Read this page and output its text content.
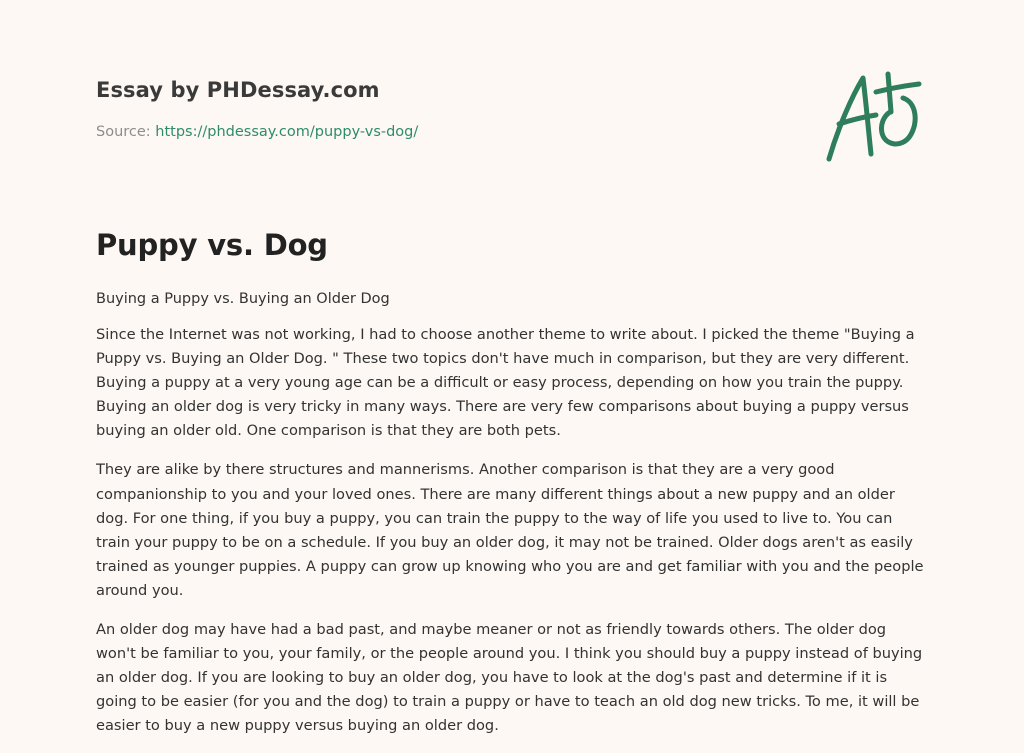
Essay by PHDessay.com
Source: https://phdessay.com/puppy-vs-dog/
Puppy vs. Dog

Buying a Puppy vs. Buying an Older Dog

Since the Internet was not working, I had to choose another theme to write about. I picked the theme "Buying a Puppy vs. Buying an Older Dog. " These two topics don't have much in comparison, but they are very different. Buying a puppy at a very young age can be a difficult or easy process, depending on how you train the puppy. Buying an older dog is very tricky in many ways. There are very few comparisons about buying a puppy versus buying an older old. One comparison is that they are both pets.

They are alike by there structures and mannerisms. Another comparison is that they are a very good companionship to you and your loved ones. There are many different things about a new puppy and an older dog. For one thing, if you buy a puppy, you can train the puppy to the way of life you used to live to. You can train your puppy to be on a schedule. If you buy an older dog, it may not be trained. Older dogs aren't as easily trained as younger puppies. A puppy can grow up knowing who you are and get familiar with you and the people around you.

An older dog may have had a bad past, and maybe meaner or not as friendly towards others. The older dog won't be familiar to you, your family, or the people around you. I think you should buy a puppy instead of buying an older dog. If you are looking to buy an older dog, you have to look at the dog's past and determine if it is going to be easier (for you and the dog) to train a puppy or have to teach an old dog new tricks. To me, it will be easier to buy a new puppy versus buying an older dog.
